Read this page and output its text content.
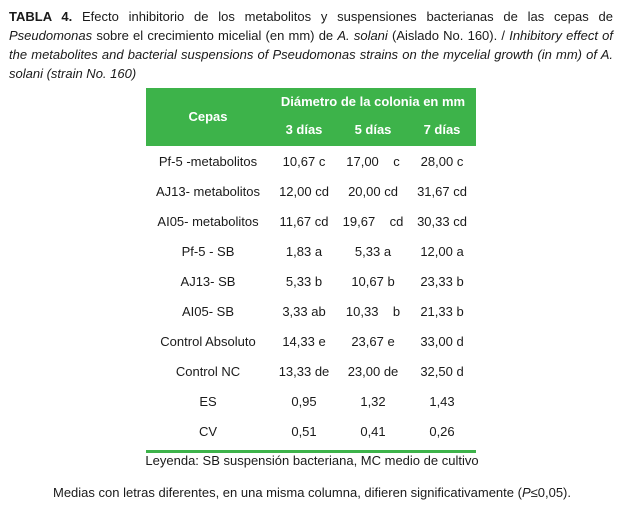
TABLA 4. Efecto inhibitorio de los metabolitos y suspensiones bacterianas de las cepas de Pseudomonas sobre el crecimiento micelial (en mm) de A. solani (Aislado No. 160). / Inhibitory effect of the metabolites and bacterial suspensions of Pseudomonas strains on the mycelial growth (in mm) of A. solani (strain No. 160)
Cepas
Diámetro de la colonia en mm
3 días	5 días	7 días
Pf-5 -metabolitos	10,67 c	17,00    c	28,00 c
AJ13- metabolitos	12,00 cd	20,00 cd	31,67 cd
AI05- metabolitos	11,67 cd	19,67    cd	30,33 cd
Pf-5 - SB	1,83 a	5,33 a	12,00 a
AJ13- SB	5,33 b	10,67 b	23,33 b
AI05- SB	3,33 ab	10,33    b	21,33 b
Control Absoluto	14,33 e	23,67 e	33,00 d
Control NC	13,33 de	23,00 de	32,50 d
ES	0,95	1,32	1,43
CV	0,51	0,41	0,26
Leyenda: SB suspensión bacteriana, MC medio de cultivo
Medias con letras diferentes, en una misma columna, difieren significativamente (P≤0,05).
